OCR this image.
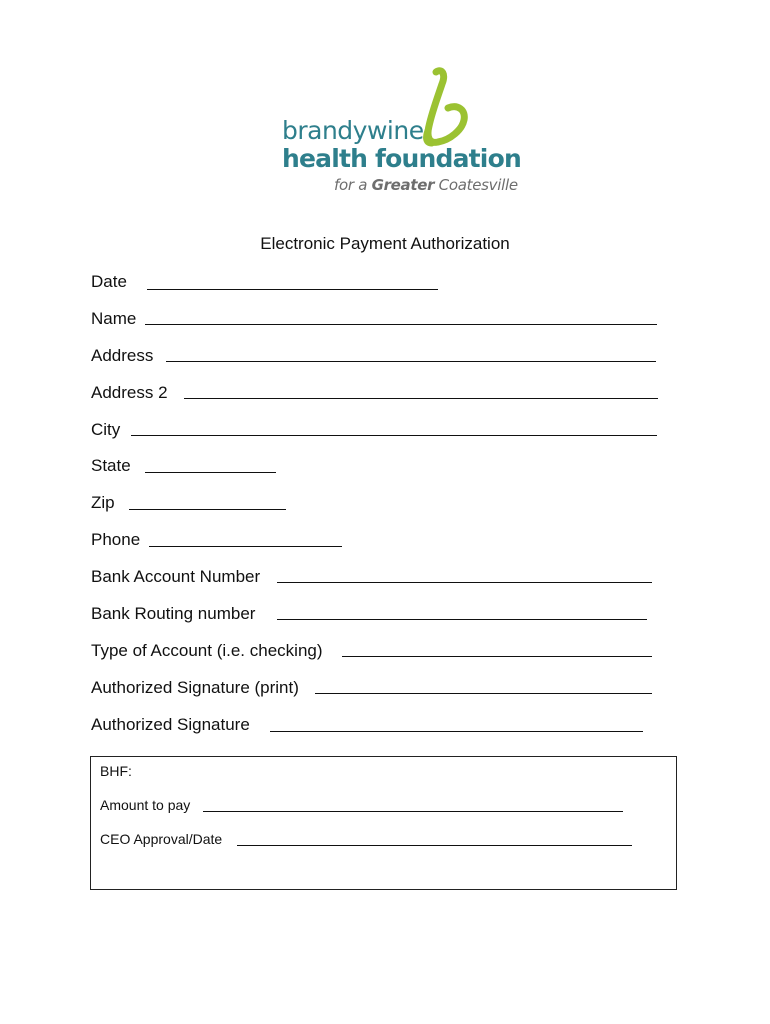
brandywine
health foundation
for a Greater Coatesville
Electronic Payment Authorization
Date
Name
Address
Address 2
City
State
Zip
Phone
Bank Account Number
Bank Routing number
Type of Account (i.e. checking)
Authorized Signature (print)
Authorized Signature
BHF:
Amount to pay
CEO Approval/Date
